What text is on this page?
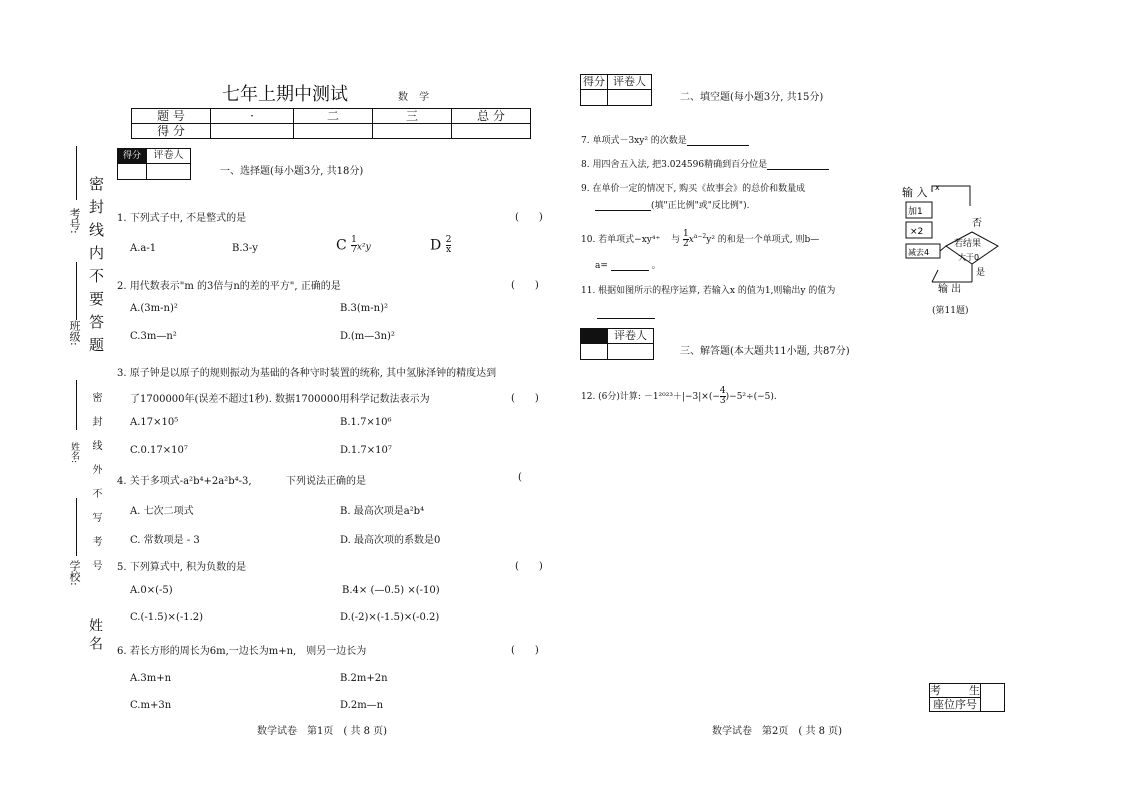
考号: 密封线内不要答题
班级:
姓名: 密封线外不写考号
学校:
姓名
七年上期中测试	数 学
题 号	·	二	三	总 分
得 分				
得分	评卷人

一、选择题(每小题3分, 共18分)
1. 下列式子中, 不是整式的是	(　　)
A.a-1	B.3-y	C $\frac{1}{7} x^2y$	D $\frac{2}{x}$
2. 用代数表示"m 的3倍与n的差的平方", 正确的是	(　　)
A.(3m-n)²	B.3(m-n)²
C.3m—n²	D.(m—3n)²
3. 原子钟是以原子的规则振动为基础的各种守时装置的统称, 其中氢脉泽钟的精度达到
了1700000年(误差不超过1秒). 数据1700000用科学记数法表示为	(　　)
A.17×10⁵	B.1.7×10⁶
C.0.17×10⁷	D.1.7×10⁷
4. 关于多项式-a²b⁴+2a²b⁴-3,	下列说法正确的是	(
A. 七次二项式	B. 最高次项是a²b⁴
C. 常数项是 - 3	D. 最高次项的系数是0
5. 下列算式中, 积为负数的是	(　　)
A.0×(-5)	B.4× (—0.5) ×(-10)
C.(-1.5)×(-1.2)	D.(-2)×(-1.5)×(-0.2)
6. 若长方形的周长为6m,一边长为m+n,　则另一边长为	(　　)
A.3m+n	B.2m+2n
C.m+3n	D.2m—n
数学试卷　第1页　( 共 8 页)
得分	评卷人

二、填空题(每小题3分, 共15分)
7. 单项式－3xy² 的次数是
8. 用四舍五入法, 把3.024596精确到百分位是
9. 在单价一定的情况下, 购买《故事会》的总价和数量成
(填"正比例"或"反比例").
10. 若单项式−xy⁴⁺ 与 $\frac{1}{2} x^{a-2}y^2$ 的和是一个单项式, 则b—
a=	。
11. 根据如图所示的程序运算, 若输入x 的值为1,则输出y 的值为
输 入 x
加1
×2
减去4
若结果
大于0
否
是
输 出
(第11题)
	评卷人

三、解答题(本大题共11小题, 共87分)
12. (6分)计算: $-1^{2023}+|-3|\times(- \frac{4}{3} )-5^2\div(-5)$.
考	生

座位序号
数学试卷　第2页　( 共 8 页)
